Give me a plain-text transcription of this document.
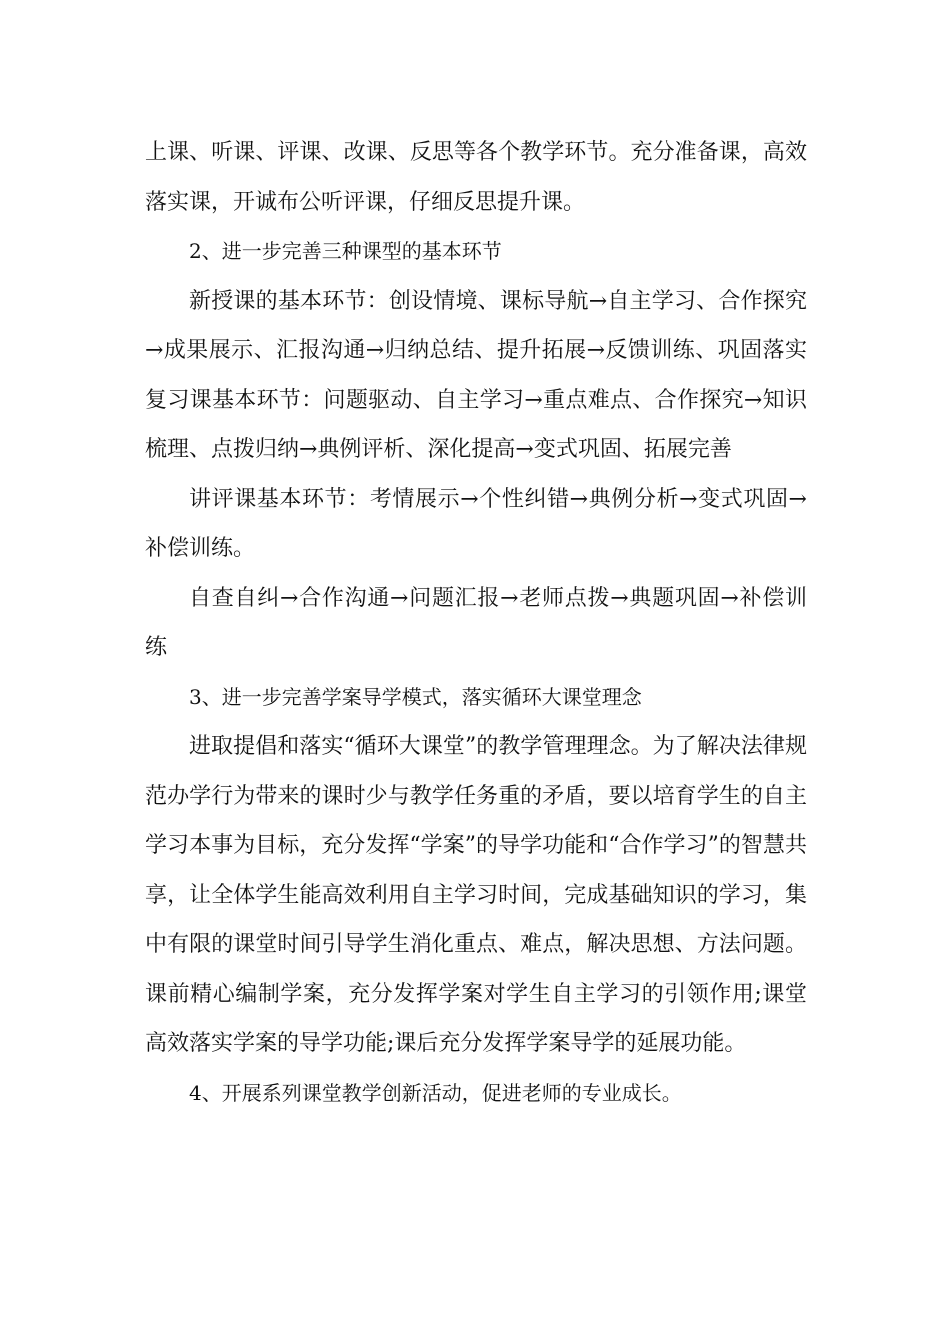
上课、听课、评课、改课、反思等各个教学环节。充分准备课，高效落实课，开诚布公听评课，仔细反思提升课。

2、进一步完善三种课型的基本环节

新授课的基本环节：创设情境、课标导航→自主学习、合作探究→成果展示、汇报沟通→归纳总结、提升拓展→反馈训练、巩固落实复习课基本环节：问题驱动、自主学习→重点难点、合作探究→知识梳理、点拨归纳→典例评析、深化提高→变式巩固、拓展完善

讲评课基本环节：考情展示→个性纠错→典例分析→变式巩固→补偿训练。

自查自纠→合作沟通→问题汇报→老师点拨→典题巩固→补偿训练

3、进一步完善学案导学模式，落实循环大课堂理念

进取提倡和落实“循环大课堂”的教学管理理念。为了解决法律规范办学行为带来的课时少与教学任务重的矛盾，要以培育学生的自主学习本事为目标，充分发挥“学案”的导学功能和“合作学习”的智慧共享，让全体学生能高效利用自主学习时间，完成基础知识的学习，集中有限的课堂时间引导学生消化重点、难点，解决思想、方法问题。课前精心编制学案，充分发挥学案对学生自主学习的引领作用;课堂高效落实学案的导学功能;课后充分发挥学案导学的延展功能。

4、开展系列课堂教学创新活动，促进老师的专业成长。
